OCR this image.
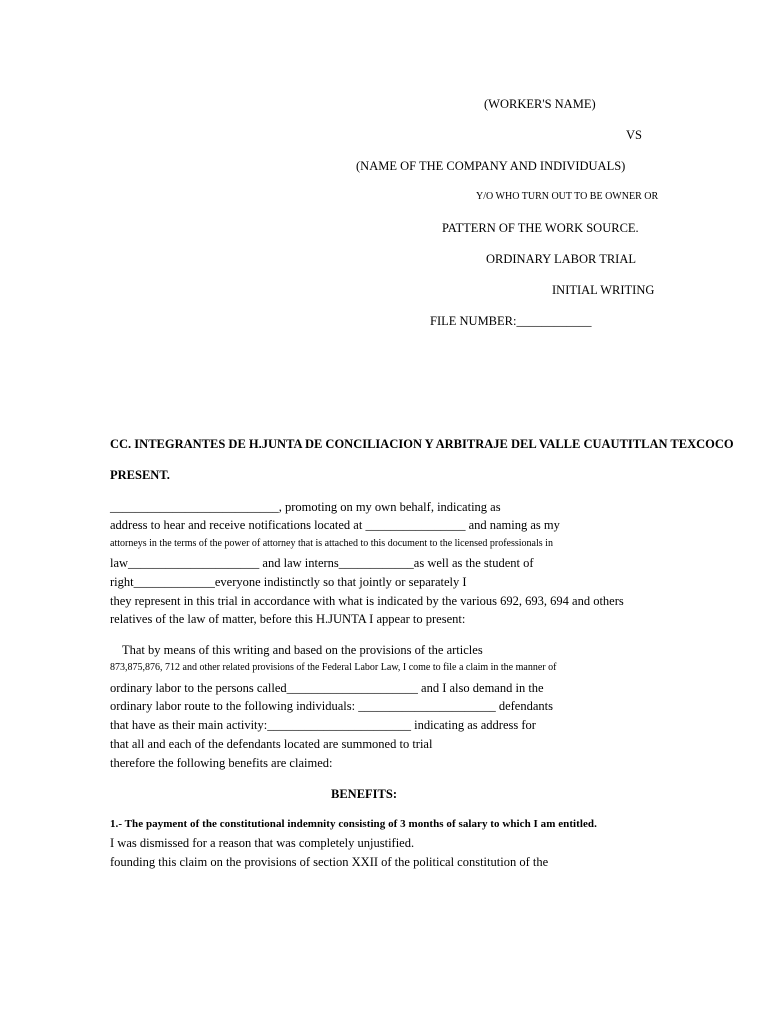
(WORKER'S NAME)

VS

(NAME OF THE COMPANY AND INDIVIDUALS)

Y/O WHO TURN OUT TO BE OWNER OR

PATTERN OF THE WORK SOURCE.

ORDINARY LABOR TRIAL

INITIAL WRITING

FILE NUMBER:____________

CC. INTEGRANTES DE H.JUNTA DE CONCILIACION Y ARBITRAJE DEL VALLE CUAUTITLAN TEXCOCO

PRESENT.

___________________________, promoting on my own behalf, indicating as

address to hear and receive notifications located at ________________ and naming as my

attorneys in the terms of the power of attorney that is attached to this document to the licensed professionals in

law_____________________ and law interns____________as well as the student of

right_____________everyone indistinctly so that jointly or separately I

they represent in this trial in accordance with what is indicated by the various 692, 693, 694 and others

relatives of the law of matter, before this H.JUNTA I appear to present:

That by means of this writing and based on the provisions of the articles

873,875,876, 712 and other related provisions of the Federal Labor Law, I come to file a claim in the manner of

ordinary labor to the persons called_____________________ and I also demand in the

ordinary labor route to the following individuals: ______________________ defendants

that have as their main activity:_______________________ indicating as address for

that all and each of the defendants located are summoned to trial

therefore the following benefits are claimed:

BENEFITS:

1.- The payment of the constitutional indemnity consisting of 3 months of salary to which I am entitled.

I was dismissed for a reason that was completely unjustified.

founding this claim on the provisions of section XXII of the political constitution of the
